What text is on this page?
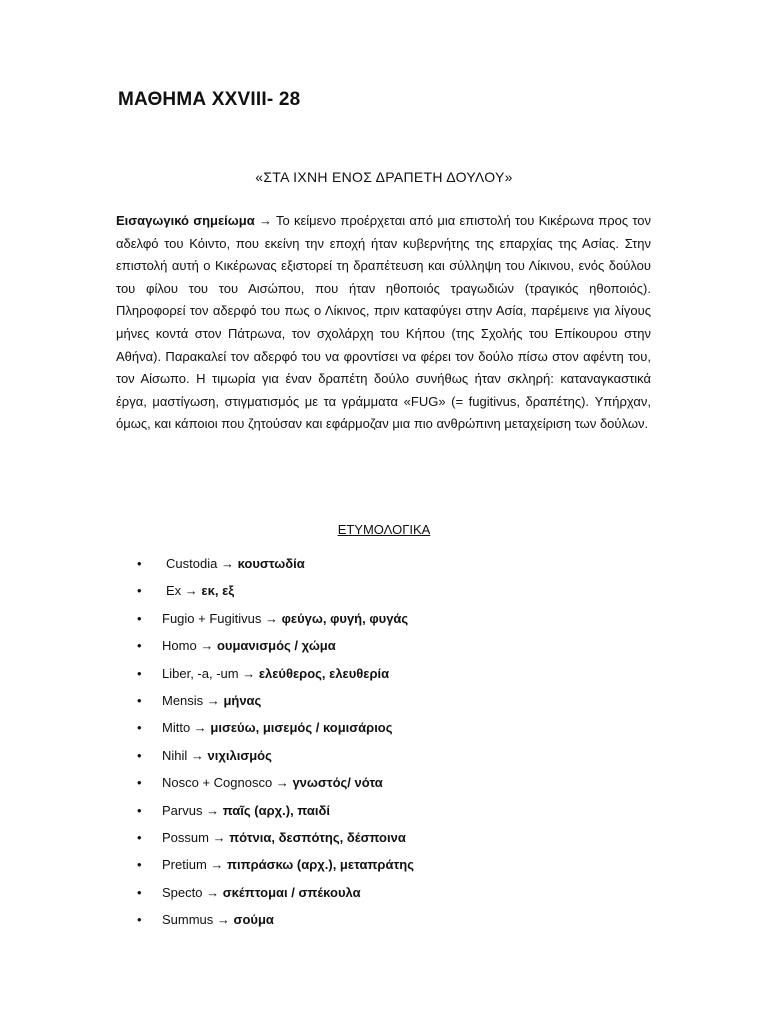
ΜΑΘΗΜΑ XXVIII- 28
«ΣΤΑ ΙΧΝΗ ΕΝΟΣ ΔΡΑΠΕΤΗ ΔΟΥΛΟΥ»
Εισαγωγικό σημείωμα → Το κείμενο προέρχεται από μια επιστολή του Κικέρωνα προς τον αδελφό του Κόιντο, που εκείνη την εποχή ήταν κυβερνήτης της επαρχίας της Ασίας. Στην επιστολή αυτή ο Κικέρωνας εξιστορεί τη δραπέτευση και σύλληψη του Λίκινου, ενός δούλου του φίλου του του Αισώπου, που ήταν ηθοποιός τραγωδιών (τραγικός ηθοποιός). Πληροφορεί τον αδερφό του πως ο Λίκινος, πριν καταφύγει στην Ασία, παρέμεινε για λίγους μήνες κοντά στον Πάτρωνα, τον σχολάρχη του Κήπου (της Σχολής του Επίκουρου στην Αθήνα). Παρακαλεί τον αδερφό του να φροντίσει να φέρει τον δούλο πίσω στον αφέντη του, τον Αίσωπο. Η τιμωρία για έναν δραπέτη δούλο συνήθως ήταν σκληρή: καταναγκαστικά έργα, μαστίγωση, στιγματισμός με τα γράμματα «FUG» (= fugitivus, δραπέτης). Υπήρχαν, όμως, και κάποιοι που ζητούσαν και εφάρμοζαν μια πιο ανθρώπινη μεταχείριση των δούλων.
ΕΤΥΜΟΛΟΓΙΚΑ
• Custodia → κουστωδία
• Ex → εκ, εξ
• Fugio + Fugitivus → φεύγω, φυγή, φυγάς
• Homo → ουμανισμός / χώμα
• Liber, -a, -um → ελεύθερος, ελευθερία
• Mensis → μήνας
• Mitto → μισεύω, μισεμός / κομισάριος
• Nihil → νιχιλισμός
• Nosco + Cognosco → γνωστός/ νότα
• Parvus → παῖς (αρχ.), παιδί
• Possum → πότνια, δεσπότης, δέσποινα
• Pretium → πιπράσκω (αρχ.), μεταπράτης
• Specto → σκέπτομαι / σπέκουλα
• Summus → σούμα
